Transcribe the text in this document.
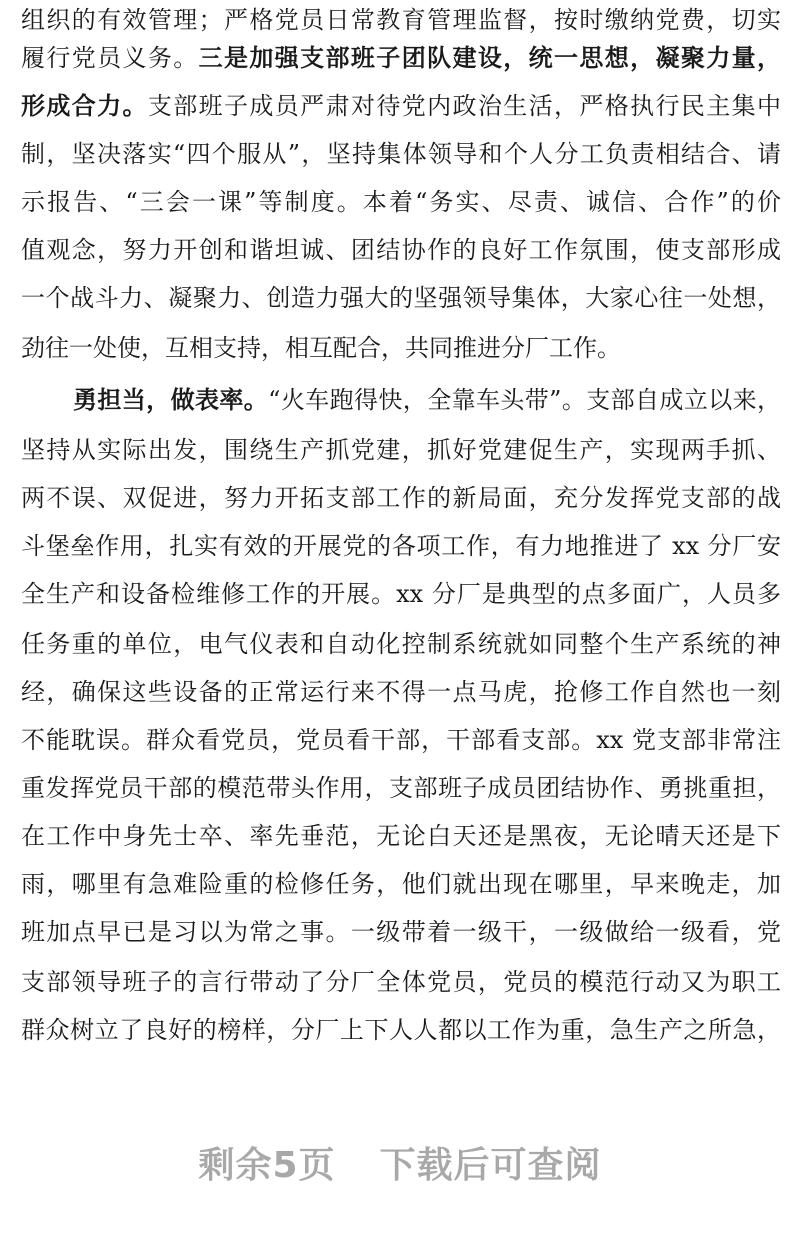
组织的有效管理；严格党员日常教育管理监督，按时缴纳党费，切实
履行党员义务。三是加强支部班子团队建设，统一思想，凝聚力量，
形成合力。支部班子成员严肃对待党内政治生活，严格执行民主集中
制，坚决落实“四个服从”，坚持集体领导和个人分工负责相结合、请
示报告、“三会一课”等制度。本着“务实、尽责、诚信、合作”的价
值观念，努力开创和谐坦诚、团结协作的良好工作氛围，使支部形成
一个战斗力、凝聚力、创造力强大的坚强领导集体，大家心往一处想，
劲往一处使，互相支持，相互配合，共同推进分厂工作。
勇担当，做表率。“火车跑得快，全靠车头带”。支部自成立以来，
坚持从实际出发，围绕生产抓党建，抓好党建促生产，实现两手抓、
两不误、双促进，努力开拓支部工作的新局面，充分发挥党支部的战
斗堡垒作用，扎实有效的开展党的各项工作，有力地推进了 xx 分厂安
全生产和设备检维修工作的开展。xx 分厂是典型的点多面广，人员多
任务重的单位，电气仪表和自动化控制系统就如同整个生产系统的神
经，确保这些设备的正常运行来不得一点马虎，抢修工作自然也一刻
不能耽误。群众看党员，党员看干部，干部看支部。xx 党支部非常注
重发挥党员干部的模范带头作用，支部班子成员团结协作、勇挑重担，
在工作中身先士卒、率先垂范，无论白天还是黑夜，无论晴天还是下
雨，哪里有急难险重的检修任务，他们就出现在哪里，早来晚走，加
班加点早已是习以为常之事。一级带着一级干，一级做给一级看，党
支部领导班子的言行带动了分厂全体党员，党员的模范行动又为职工
群众树立了良好的榜样，分厂上下人人都以工作为重，急生产之所急，
剩余5页 下载后可查阅
